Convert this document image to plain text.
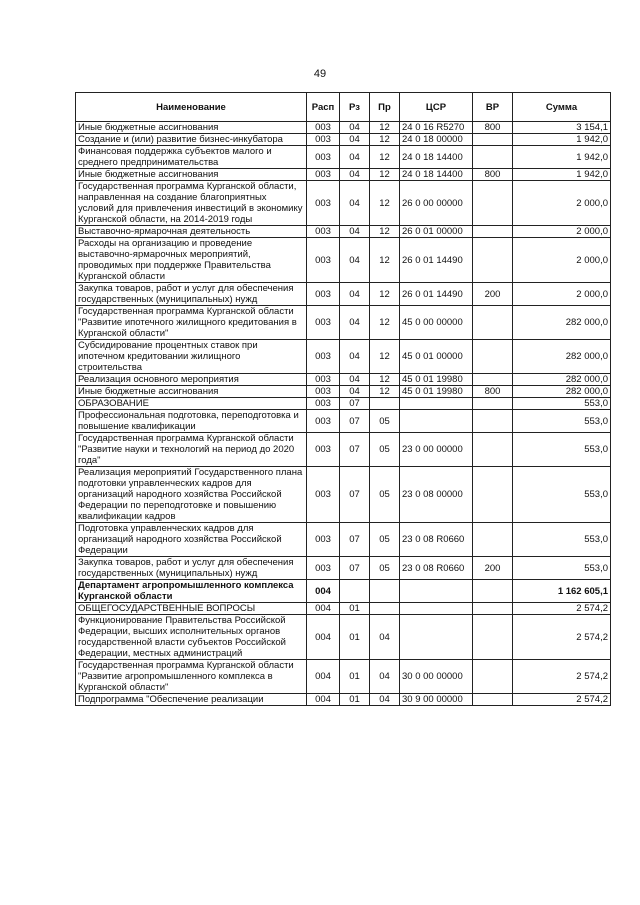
49
Наименование	Расп	Рз	Пр	ЦСР	ВР	Сумма
Иные бюджетные ассигнования	003	04	12	24 0 16 R5270	800	3 154,1
Создание и (или) развитие бизнес-инкубатора	003	04	12	24 0 18 00000		1 942,0
Финансовая поддержка субъектов малого и среднего предпринимательства	003	04	12	24 0 18 14400		1 942,0
Иные бюджетные ассигнования	003	04	12	24 0 18 14400	800	1 942,0
Государственная программа Курганской области, направленная на создание благоприятных условий для привлечения инвестиций в экономику Курганской области, на 2014-2019 годы	003	04	12	26 0 00 00000		2 000,0
Выставочно-ярмарочная деятельность	003	04	12	26 0 01 00000		2 000,0
Расходы на организацию и проведение выставочно-ярмарочных мероприятий, проводимых при поддержке Правительства Курганской области	003	04	12	26 0 01 14490		2 000,0
Закупка товаров, работ и услуг для обеспечения государственных (муниципальных) нужд	003	04	12	26 0 01 14490	200	2 000,0
Государственная программа Курганской области "Развитие ипотечного жилищного кредитования в Курганской области"	003	04	12	45 0 00 00000		282 000,0
Субсидирование процентных ставок при ипотечном кредитовании жилищного строительства	003	04	12	45 0 01 00000		282 000,0
Реализация основного мероприятия	003	04	12	45 0 01 19980		282 000,0
Иные бюджетные ассигнования	003	04	12	45 0 01 19980	800	282 000,0
ОБРАЗОВАНИЕ	003	07				553,0
Профессиональная подготовка, переподготовка и повышение квалификации	003	07	05			553,0
Государственная программа Курганской области "Развитие науки и технологий на период до 2020 года"	003	07	05	23 0 00 00000		553,0
Реализация мероприятий Государственного плана подготовки управленческих кадров для организаций народного хозяйства Российской Федерации по переподготовке и повышению квалификации кадров	003	07	05	23 0 08 00000		553,0
Подготовка управленческих кадров для организаций народного хозяйства Российской Федерации	003	07	05	23 0 08 R0660		553,0
Закупка товаров, работ и услуг для обеспечения государственных (муниципальных) нужд	003	07	05	23 0 08 R0660	200	553,0
Департамент агропромышленного комплекса Курганской области	004					1 162 605,1
ОБЩЕГОСУДАРСТВЕННЫЕ ВОПРОСЫ	004	01				2 574,2
Функционирование Правительства Российской Федерации, высших исполнительных органов государственной власти субъектов Российской Федерации, местных администраций	004	01	04			2 574,2
Государственная программа Курганской области "Развитие агропромышленного комплекса в Курганской области"	004	01	04	30 0 00 00000		2 574,2
Подпрограмма "Обеспечение реализации	004	01	04	30 9 00 00000		2 574,2
